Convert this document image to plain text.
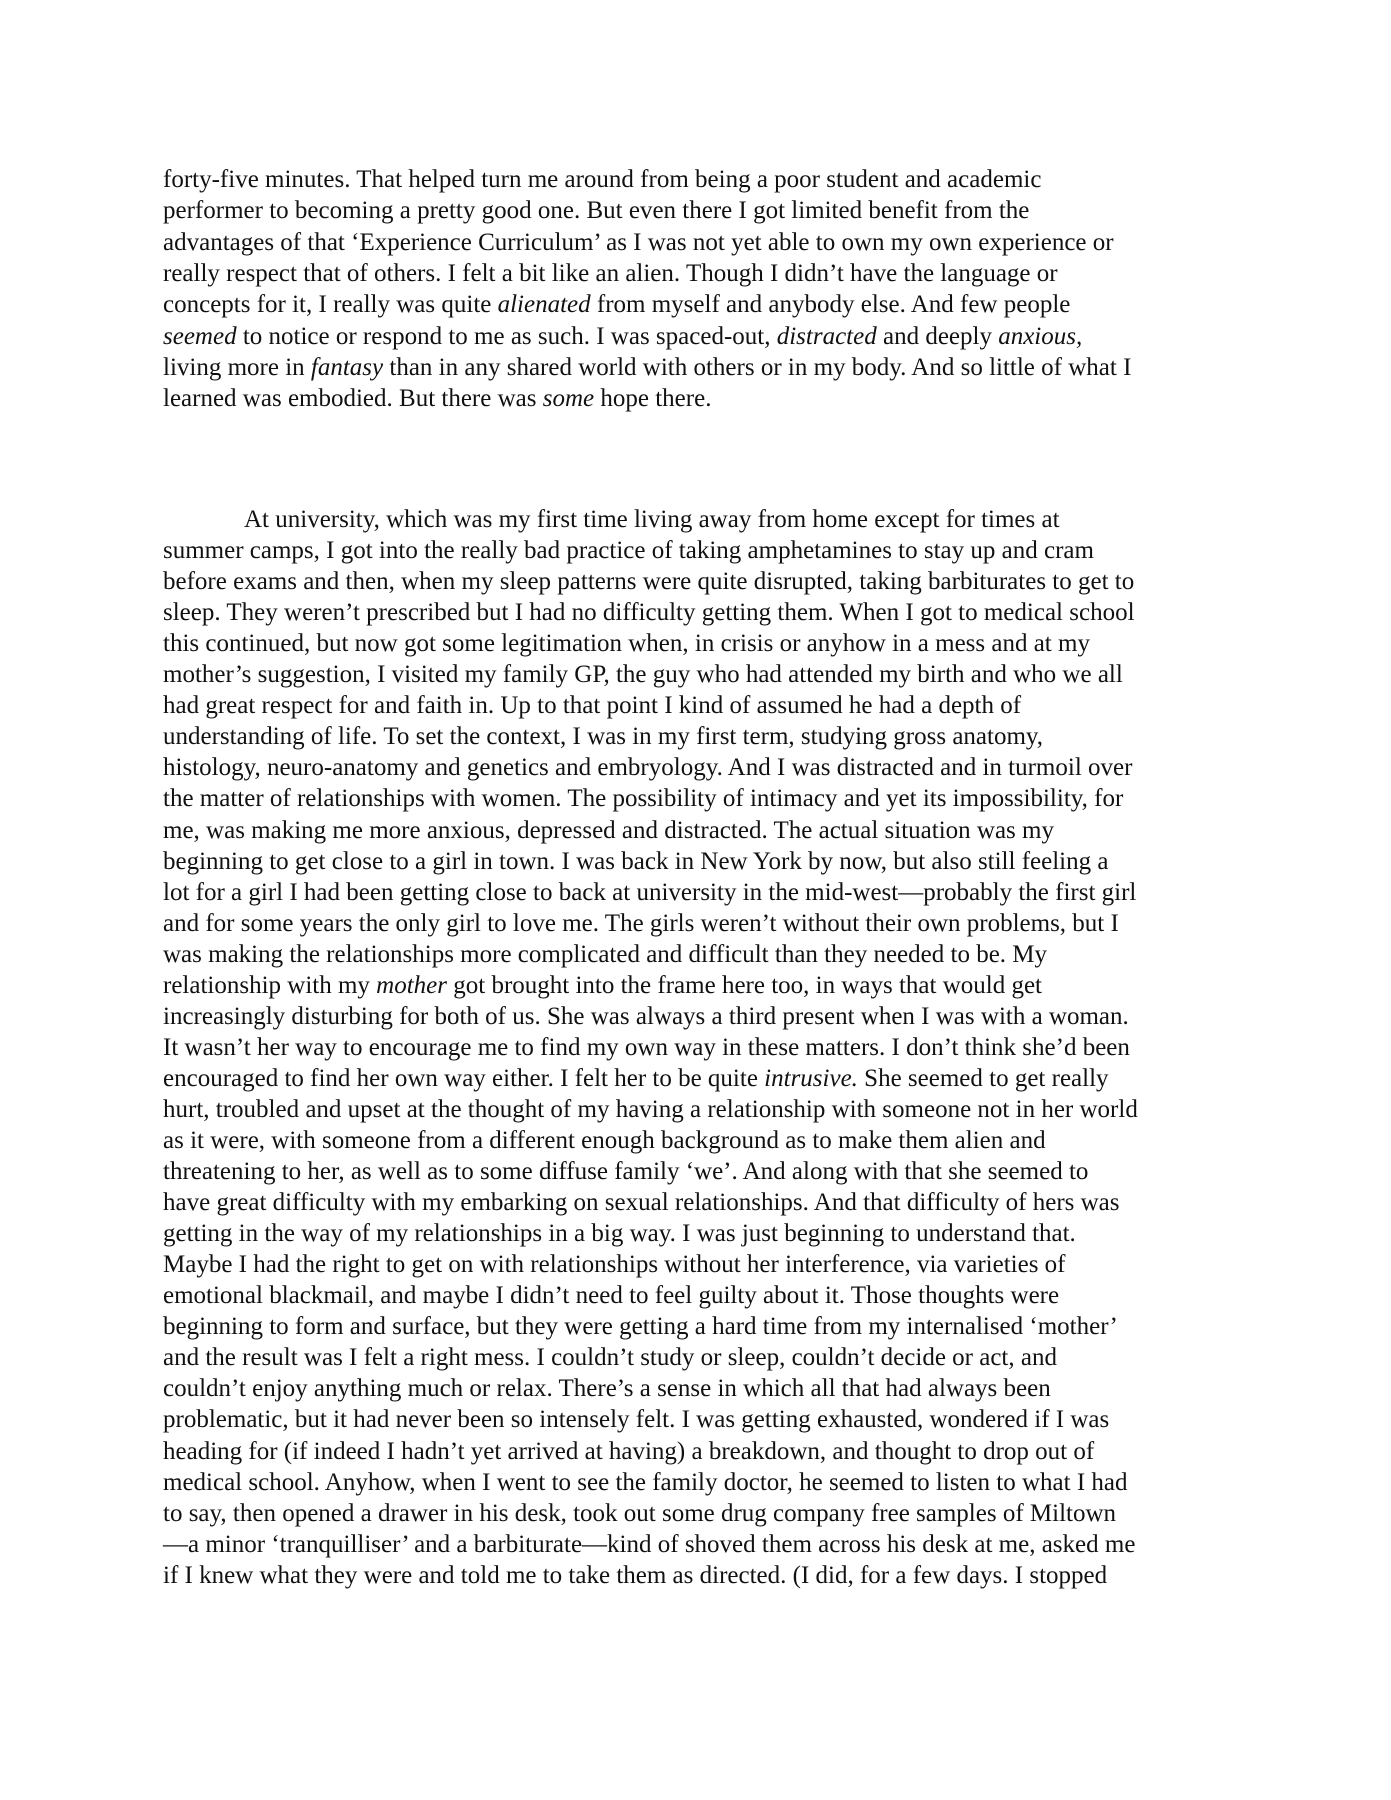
forty-five minutes. That helped turn me around from being a poor student and academic

performer to becoming a pretty good one. But even there I got limited benefit from the

advantages of that ‘Experience Curriculum’ as I was not yet able to own my own experience or

really respect that of others. I felt a bit like an alien. Though I didn’t have the language or

concepts for it, I really was quite alienated from myself and anybody else. And few people

seemed to notice or respond to me as such. I was spaced-out, distracted and deeply anxious,

living more in fantasy than in any shared world with others or in my body. And so little of what I

learned was embodied. But there was some hope there.

At university, which was my first time living away from home except for times at

summer camps, I got into the really bad practice of taking amphetamines to stay up and cram

before exams and then, when my sleep patterns were quite disrupted, taking barbiturates to get to

sleep. They weren’t prescribed but I had no difficulty getting them. When I got to medical school

this continued, but now got some legitimation when, in crisis or anyhow in a mess and at my

mother’s suggestion, I visited my family GP, the guy who had attended my birth and who we all

had great respect for and faith in. Up to that point I kind of assumed he had a depth of

understanding of life. To set the context, I was in my first term, studying gross anatomy,

histology, neuro-anatomy and genetics and embryology. And I was distracted and in turmoil over

the matter of relationships with women. The possibility of intimacy and yet its impossibility, for

me, was making me more anxious, depressed and distracted. The actual situation was my

beginning to get close to a girl in town. I was back in New York by now, but also still feeling a

lot for a girl I had been getting close to back at university in the mid-west—probably the first girl

and for some years the only girl to love me. The girls weren’t without their own problems, but I

was making the relationships more complicated and difficult than they needed to be. My

relationship with my mother got brought into the frame here too, in ways that would get

increasingly disturbing for both of us. She was always a third present when I was with a woman.

It wasn’t her way to encourage me to find my own way in these matters. I don’t think she’d been

encouraged to find her own way either. I felt her to be quite intrusive. She seemed to get really

hurt, troubled and upset at the thought of my having a relationship with someone not in her world

as it were, with someone from a different enough background as to make them alien and

threatening to her, as well as to some diffuse family ‘we’. And along with that she seemed to

have great difficulty with my embarking on sexual relationships. And that difficulty of hers was

getting in the way of my relationships in a big way. I was just beginning to understand that.

Maybe I had the right to get on with relationships without her interference, via varieties of

emotional blackmail, and maybe I didn’t need to feel guilty about it. Those thoughts were

beginning to form and surface, but they were getting a hard time from my internalised ‘mother’

and the result was I felt a right mess. I couldn’t study or sleep, couldn’t decide or act, and

couldn’t enjoy anything much or relax. There’s a sense in which all that had always been

problematic, but it had never been so intensely felt. I was getting exhausted, wondered if I was

heading for (if indeed I hadn’t yet arrived at having) a breakdown, and thought to drop out of

medical school. Anyhow, when I went to see the family doctor, he seemed to listen to what I had

to say, then opened a drawer in his desk, took out some drug company free samples of Miltown

—a minor ‘tranquilliser’ and a barbiturate—kind of shoved them across his desk at me, asked me

if I knew what they were and told me to take them as directed. (I did, for a few days. I stopped
